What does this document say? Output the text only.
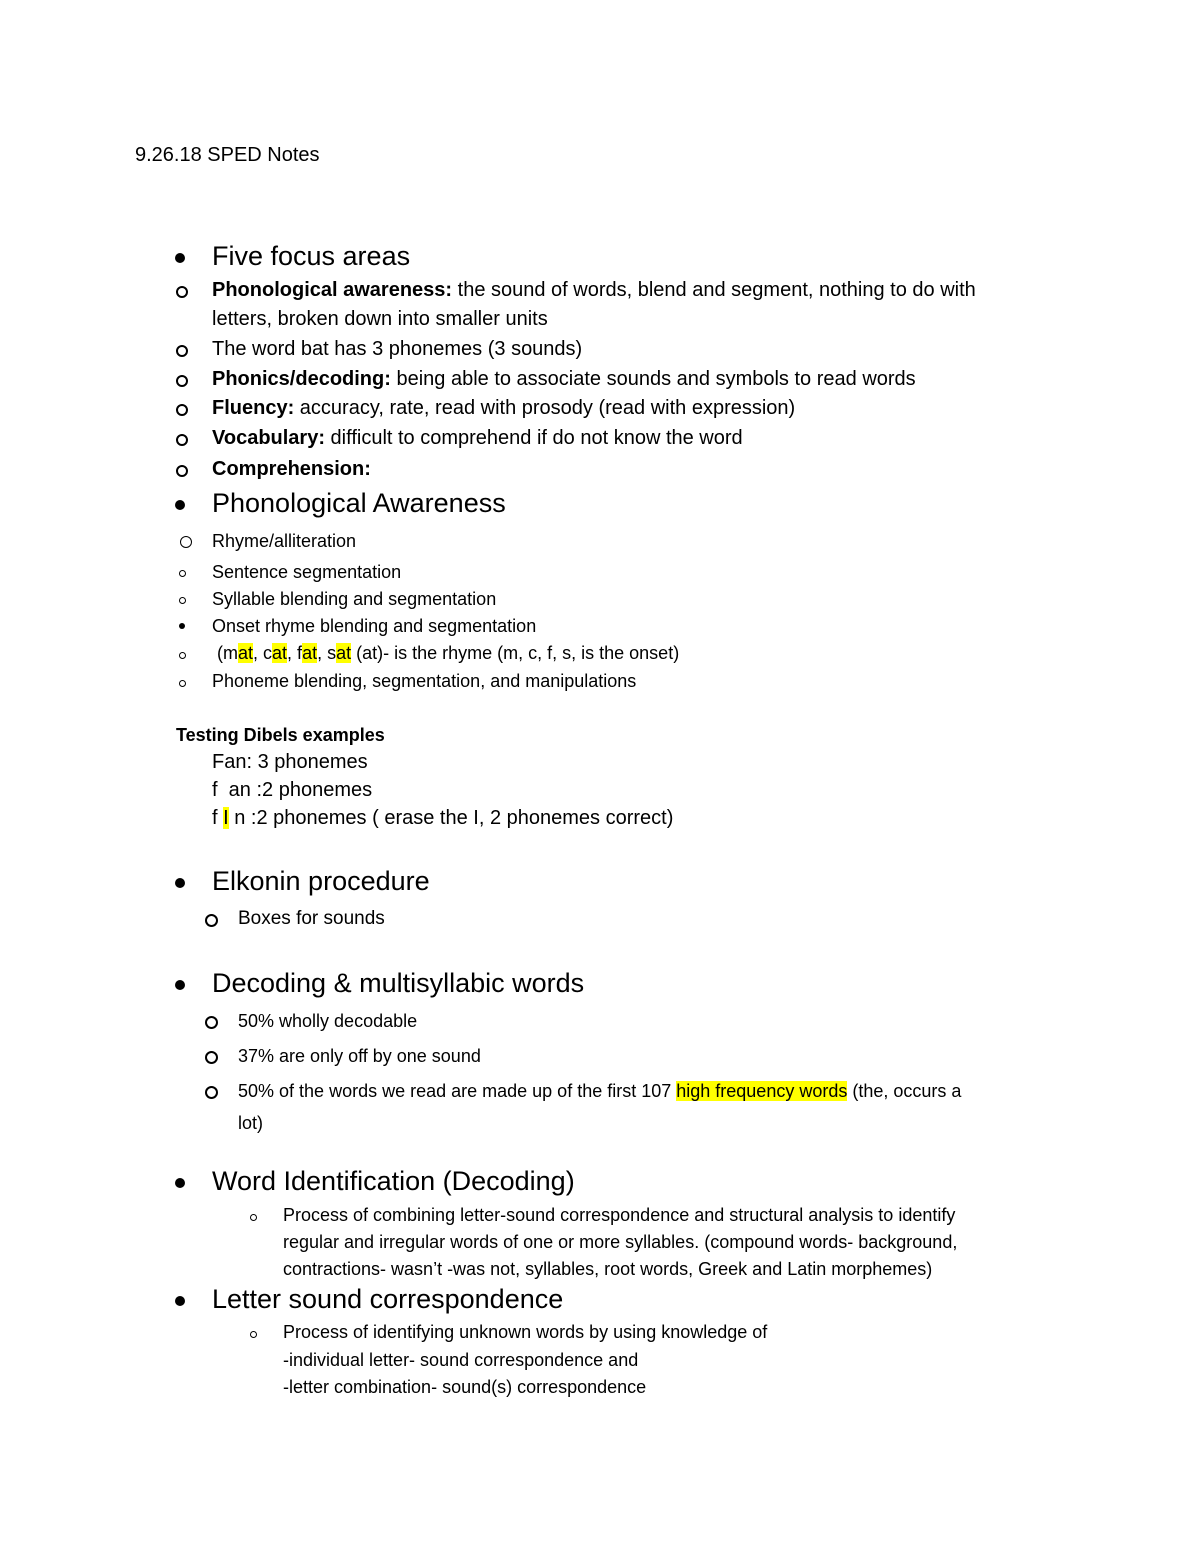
9.26.18 SPED Notes
Five focus areas
Phonological awareness: the sound of words, blend and segment, nothing to do with
letters, broken down into smaller units
The word bat has 3 phonemes (3 sounds)
Phonics/decoding: being able to associate sounds and symbols to read words
Fluency: accuracy, rate, read with prosody (read with expression)
Vocabulary: difficult to comprehend if do not know the word
Comprehension:
Phonological Awareness
Rhyme/alliteration
Sentence segmentation
Syllable blending and segmentation
Onset rhyme blending and segmentation
(mat, cat, fat, sat (at)- is the rhyme (m, c, f, s, is the onset)
Phoneme blending, segmentation, and manipulations
Testing Dibels examples
Fan: 3 phonemes
f  an :2 phonemes
f I n :2 phonemes ( erase the I, 2 phonemes correct)
Elkonin procedure
Boxes for sounds
Decoding & multisyllabic words
50% wholly decodable
37% are only off by one sound
50% of the words we read are made up of the first 107 high frequency words (the, occurs a
lot)
Word Identification (Decoding)
Process of combining letter-sound correspondence and structural analysis to identify
regular and irregular words of one or more syllables. (compound words- background,
contractions- wasn’t -was not, syllables, root words, Greek and Latin morphemes)
Letter sound correspondence
Process of identifying unknown words by using knowledge of
-individual letter- sound correspondence and
-letter combination- sound(s) correspondence
